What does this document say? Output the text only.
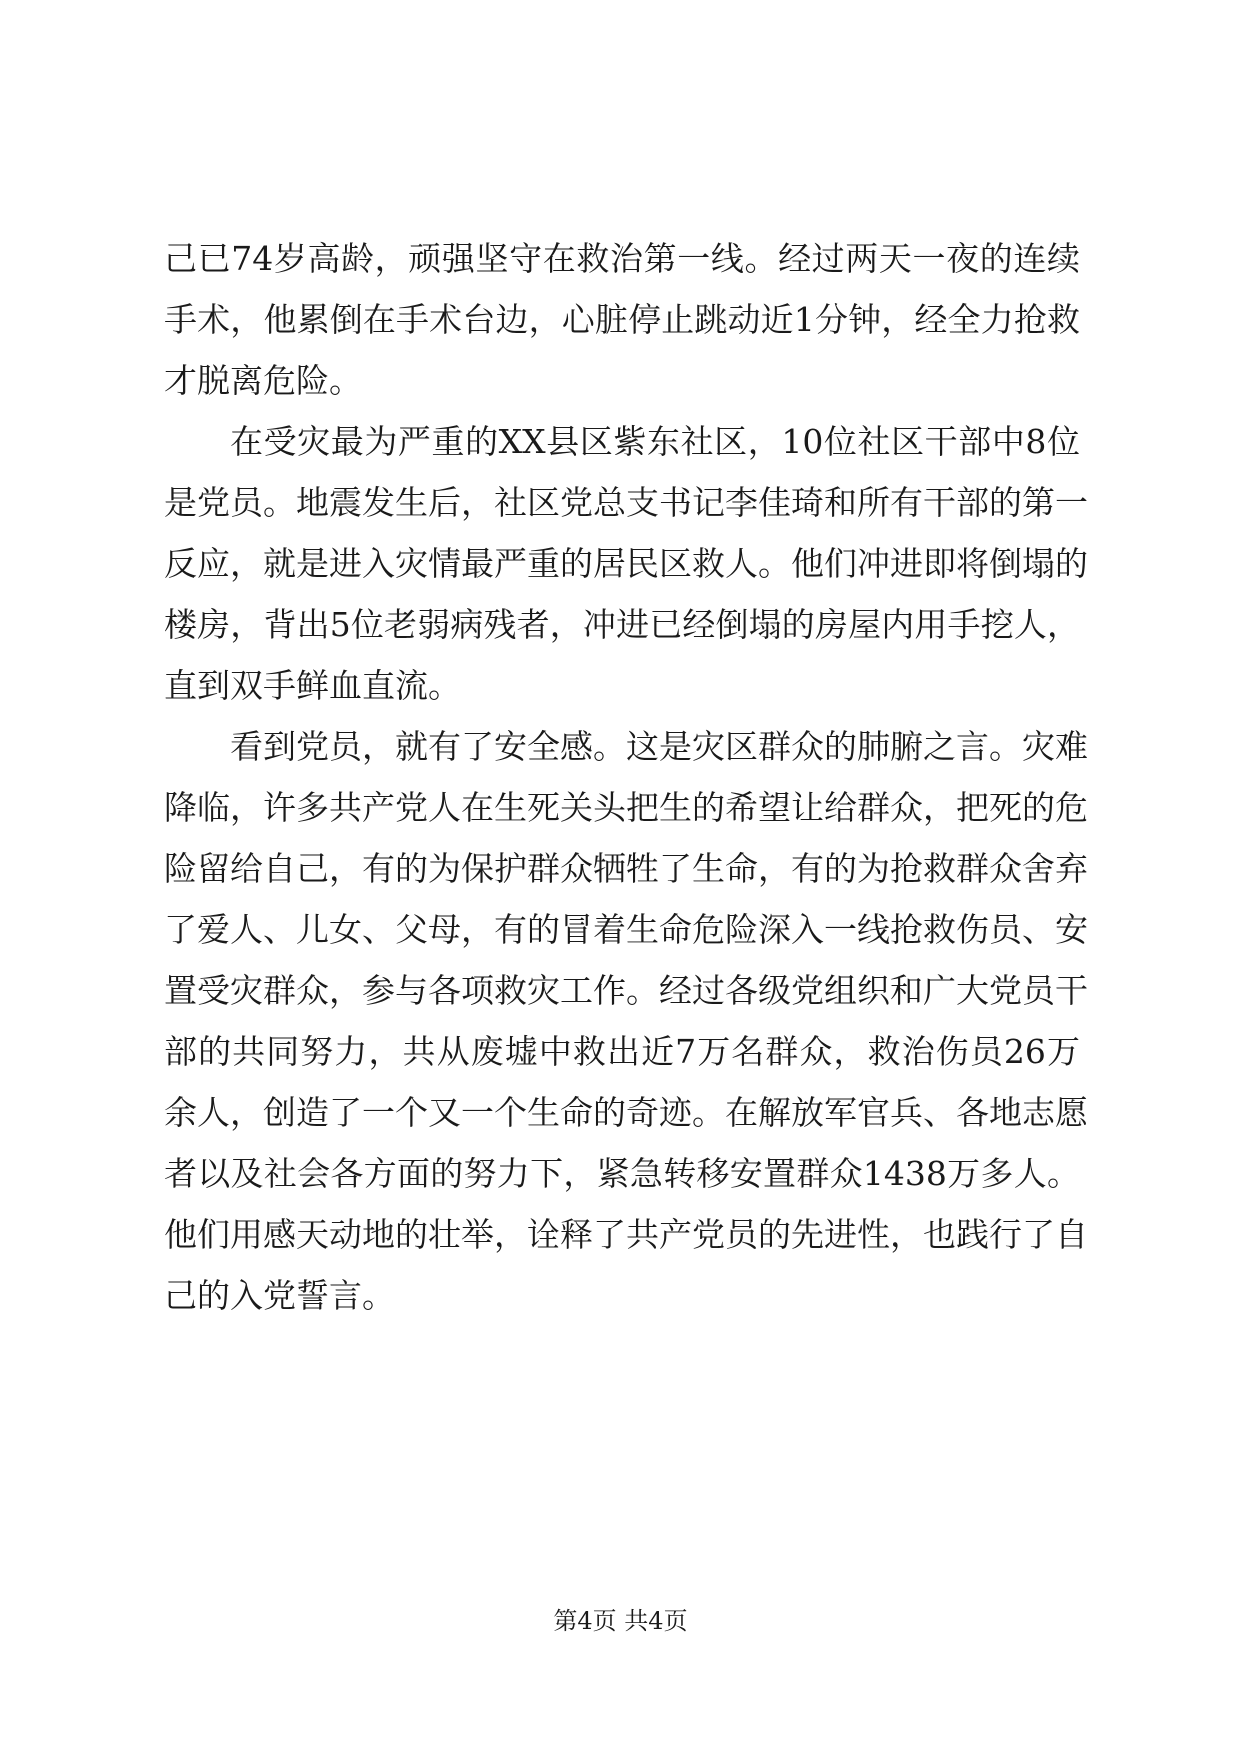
己已74岁高龄，顽强坚守在救治第一线。经过两天一夜的连续
手术，他累倒在手术台边，心脏停止跳动近1分钟，经全力抢救
才脱离危险。
在受灾最为严重的XX县区紫东社区，10位社区干部中8位
是党员。地震发生后，社区党总支书记李佳琦和所有干部的第一
反应，就是进入灾情最严重的居民区救人。他们冲进即将倒塌的
楼房，背出5位老弱病残者，冲进已经倒塌的房屋内用手挖人，
直到双手鲜血直流。
看到党员，就有了安全感。这是灾区群众的肺腑之言。灾难
降临，许多共产党人在生死关头把生的希望让给群众，把死的危
险留给自己，有的为保护群众牺牲了生命，有的为抢救群众舍弃
了爱人、儿女、父母，有的冒着生命危险深入一线抢救伤员、安
置受灾群众，参与各项救灾工作。经过各级党组织和广大党员干
部的共同努力，共从废墟中救出近7万名群众，救治伤员26万
余人，创造了一个又一个生命的奇迹。在解放军官兵、各地志愿
者以及社会各方面的努力下，紧急转移安置群众1438万多人。
他们用感天动地的壮举，诠释了共产党员的先进性，也践行了自
己的入党誓言。
第4页 共4页
